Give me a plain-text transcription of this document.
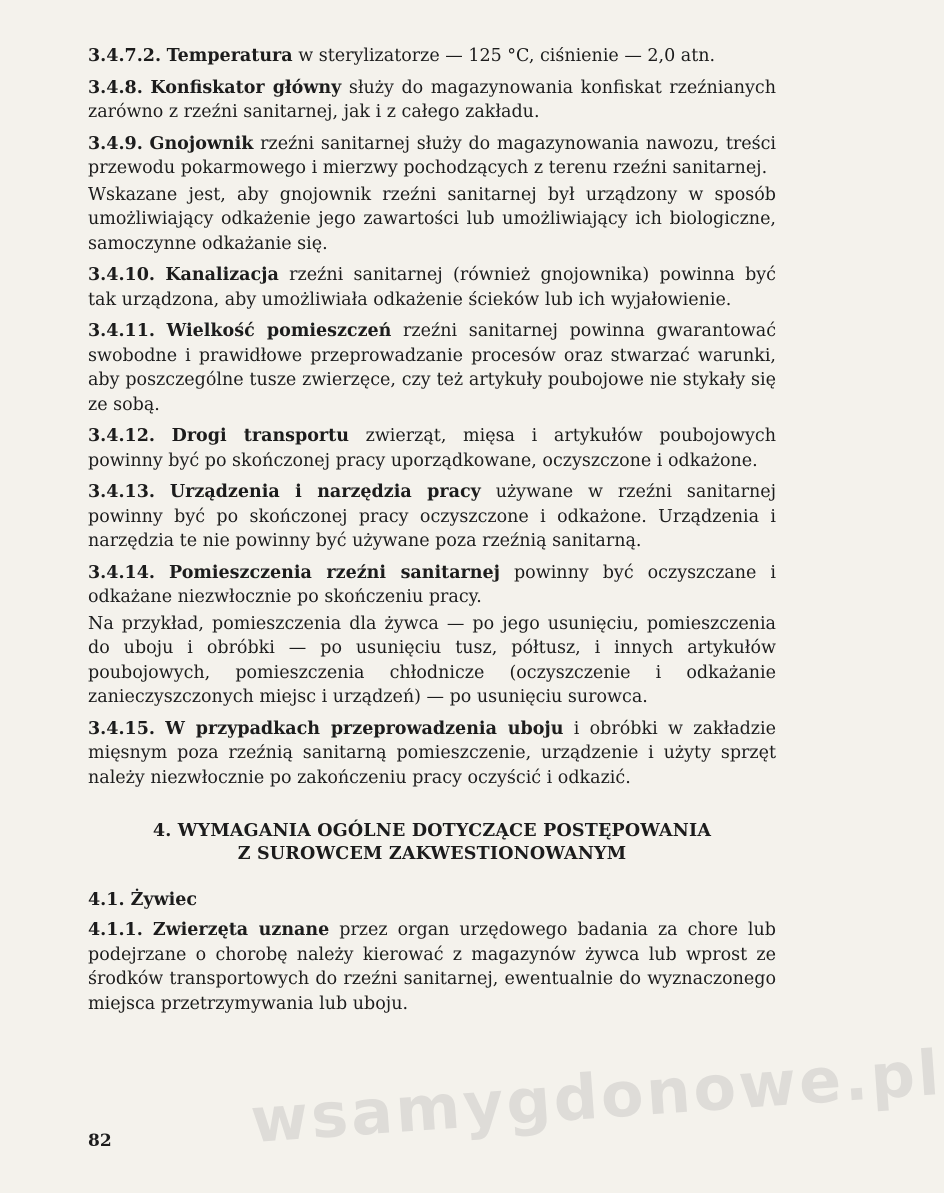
3.4.7.2. Temperatura w sterylizatorze — 125 °C, ciśnienie — 2,0 atn.

3.4.8. Konfiskator główny służy do magazynowania konfiskat rzeźnianych zarówno z rzeźni sanitarnej, jak i z całego zakładu.

3.4.9. Gnojownik rzeźni sanitarnej służy do magazynowania nawozu, treści przewodu pokarmowego i mierzwy pochodzących z terenu rzeźni sanitarnej.

Wskazane jest, aby gnojownik rzeźni sanitarnej był urządzony w sposób umożliwiający odkażenie jego zawartości lub umożliwiający ich biologiczne, samoczynne odkażanie się.

3.4.10. Kanalizacja rzeźni sanitarnej (również gnojownika) powinna być tak urządzona, aby umożliwiała odkażenie ścieków lub ich wyjałowienie.

3.4.11. Wielkość pomieszczeń rzeźni sanitarnej powinna gwarantować swobodne i prawidłowe przeprowadzanie procesów oraz stwarzać warunki, aby poszczególne tusze zwierzęce, czy też artykuły poubojowe nie stykały się ze sobą.

3.4.12. Drogi transportu zwierząt, mięsa i artykułów poubojowych powinny być po skończonej pracy uporządkowane, oczyszczone i odkażone.

3.4.13. Urządzenia i narzędzia pracy używane w rzeźni sanitarnej powinny być po skończonej pracy oczyszczone i odkażone. Urządzenia i narzędzia te nie powinny być używane poza rzeźnią sanitarną.

3.4.14. Pomieszczenia rzeźni sanitarnej powinny być oczyszczane i odkażane niezwłocznie po skończeniu pracy.

Na przykład, pomieszczenia dla żywca — po jego usunięciu, pomieszczenia do uboju i obróbki — po usunięciu tusz, półtusz, i innych artykułów poubojowych, pomieszczenia chłodnicze (oczyszczenie i odkażanie zanieczyszczonych miejsc i urządzeń) — po usunięciu surowca.

3.4.15. W przypadkach przeprowadzenia uboju i obróbki w zakładzie mięsnym poza rzeźnią sanitarną pomieszczenie, urządzenie i użyty sprzęt należy niezwłocznie po zakończeniu pracy oczyścić i odkazić.

4. WYMAGANIA OGÓLNE DOTYCZĄCE POSTĘPOWANIA
Z SUROWCEM ZAKWESTIONOWANYM
4.1. Żywiec

4.1.1. Zwierzęta uznane przez organ urzędowego badania za chore lub podejrzane o chorobę należy kierować z magazynów żywca lub wprost ze środków transportowych do rzeźni sanitarnej, ewentualnie do wyznaczonego miejsca przetrzymywania lub uboju.

wsamygdonowe.pl
82
